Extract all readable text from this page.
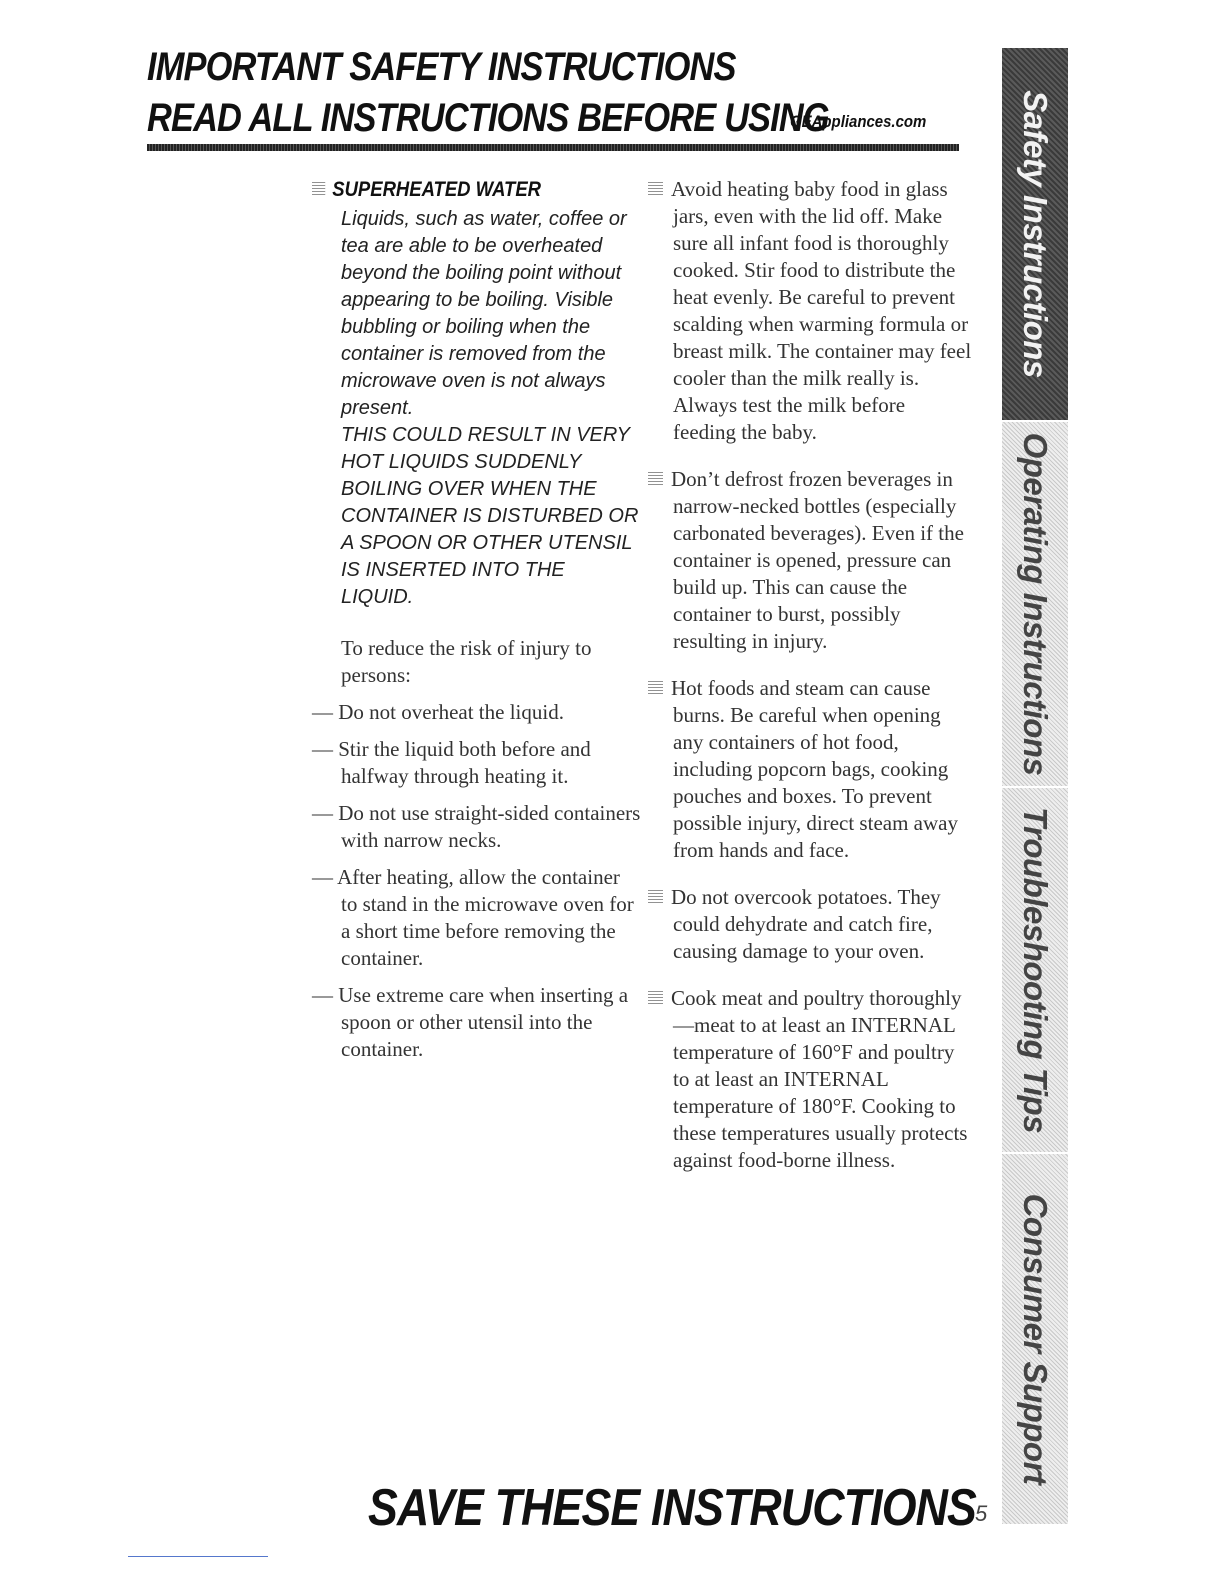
IMPORTANT SAFETY INSTRUCTIONS
READ ALL INSTRUCTIONS BEFORE USING
GEAppliances.com
SUPERHEATED WATER
Liquids, such as water, coffee or tea are able to be overheated beyond the boiling point without appearing to be boiling. Visible bubbling or boiling when the container is removed from the microwave oven is not always present.
THIS COULD RESULT IN VERY HOT LIQUIDS SUDDENLY BOILING OVER WHEN THE CONTAINER IS DISTURBED OR A SPOON OR OTHER UTENSIL IS INSERTED INTO THE LIQUID.
To reduce the risk of injury to persons:
— Do not overheat the liquid.
— Stir the liquid both before and halfway through heating it.
— Do not use straight-sided containers with narrow necks.
— After heating, allow the container to stand in the microwave oven for a short time before removing the container.
— Use extreme care when inserting a spoon or other utensil into the container.
Avoid heating baby food in glass jars, even with the lid off. Make sure all infant food is thoroughly cooked. Stir food to distribute the heat evenly. Be careful to prevent scalding when warming formula or breast milk. The container may feel cooler than the milk really is. Always test the milk before feeding the baby.
Don’t defrost frozen beverages in narrow-necked bottles (especially carbonated beverages). Even if the container is opened, pressure can build up. This can cause the container to burst, possibly resulting in injury.
Hot foods and steam can cause burns. Be careful when opening any containers of hot food, including popcorn bags, cooking pouches and boxes. To prevent possible injury, direct steam away from hands and face.
Do not overcook potatoes. They could dehydrate and catch fire, causing damage to your oven.
Cook meat and poultry thoroughly—meat to at least an INTERNAL temperature of 160°F and poultry to at least an INTERNAL temperature of 180°F. Cooking to these temperatures usually protects against food-borne illness.
Safety Instructions
Operating Instructions
Troubleshooting Tips
Consumer Support
SAVE THESE INSTRUCTIONS
5
